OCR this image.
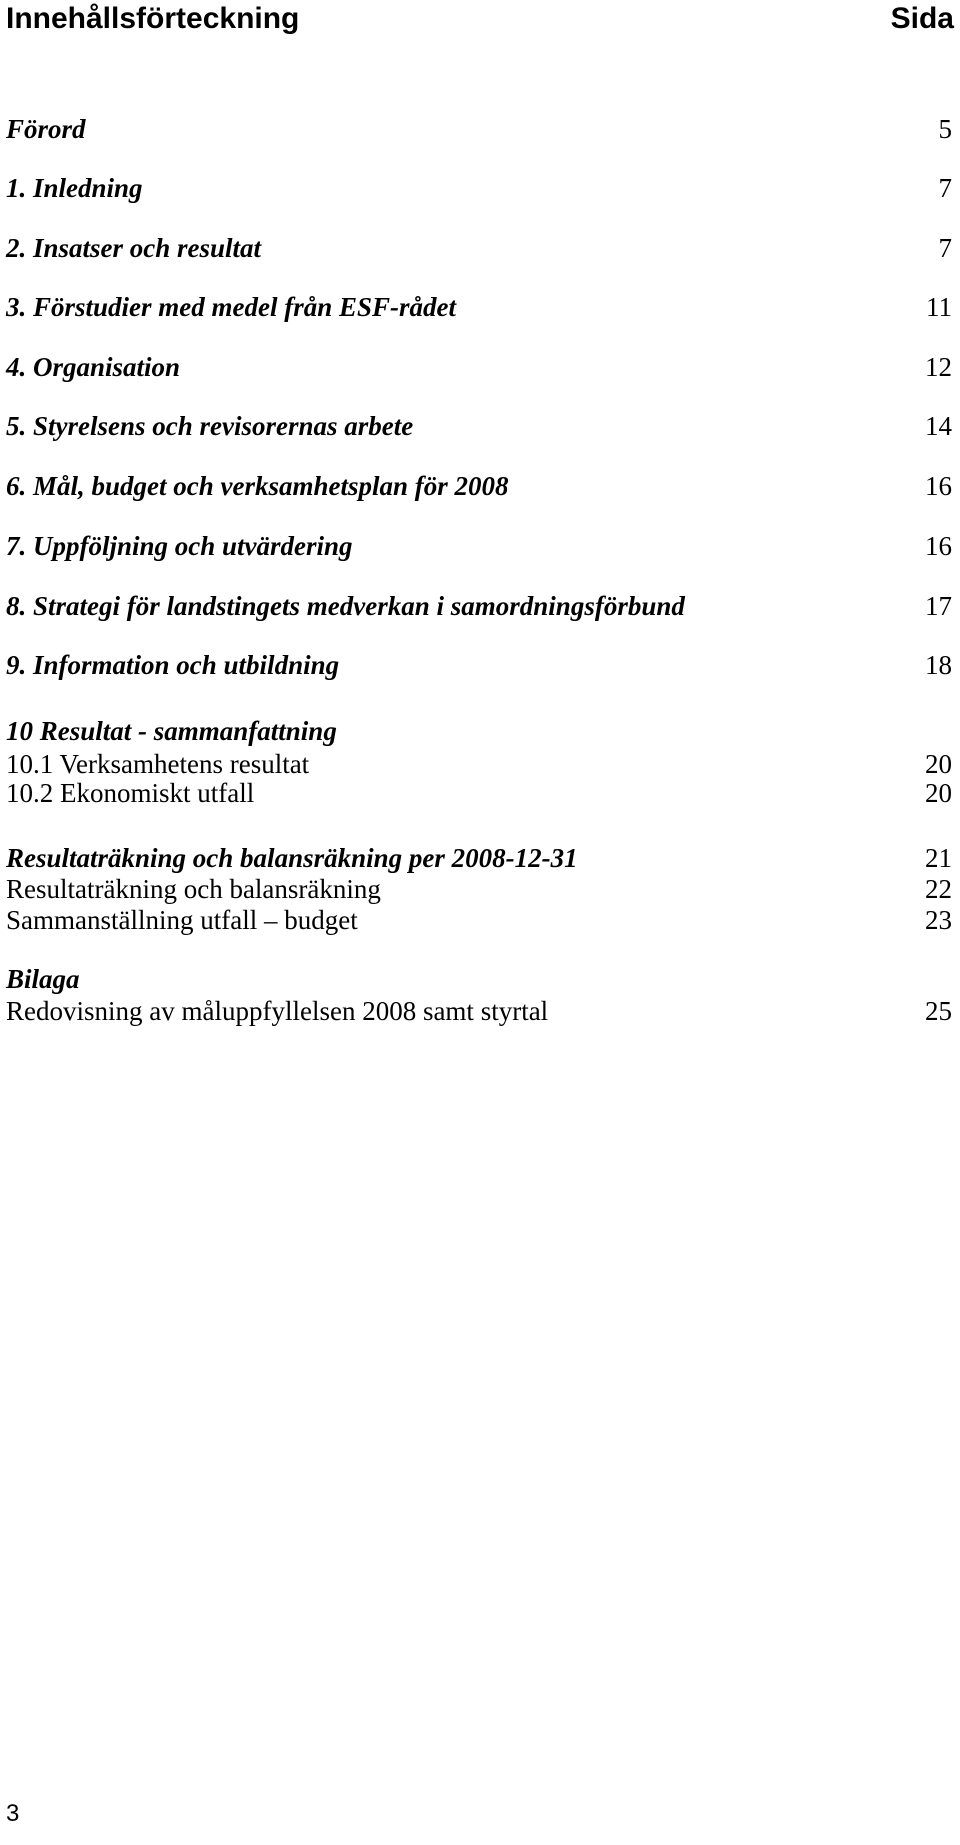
Innehållsförteckning	Sida
Förord	5
1. Inledning	7
2. Insatser och resultat	7
3. Förstudier med medel från ESF-rådet	11
4. Organisation	12
5. Styrelsens och revisorernas arbete	14
6. Mål, budget och verksamhetsplan för 2008	16
7. Uppföljning och utvärdering	16
8. Strategi för landstingets medverkan i samordningsförbund	17
9. Information och utbildning	18
10 Resultat - sammanfattning
10.1 Verksamhetens resultat	20
10.2 Ekonomiskt utfall	20
Resultaträkning och balansräkning per 2008-12-31	21
Resultaträkning och balansräkning	22
Sammanställning utfall – budget	23
Bilaga
Redovisning av måluppfyllelsen 2008 samt styrtal	25
3
